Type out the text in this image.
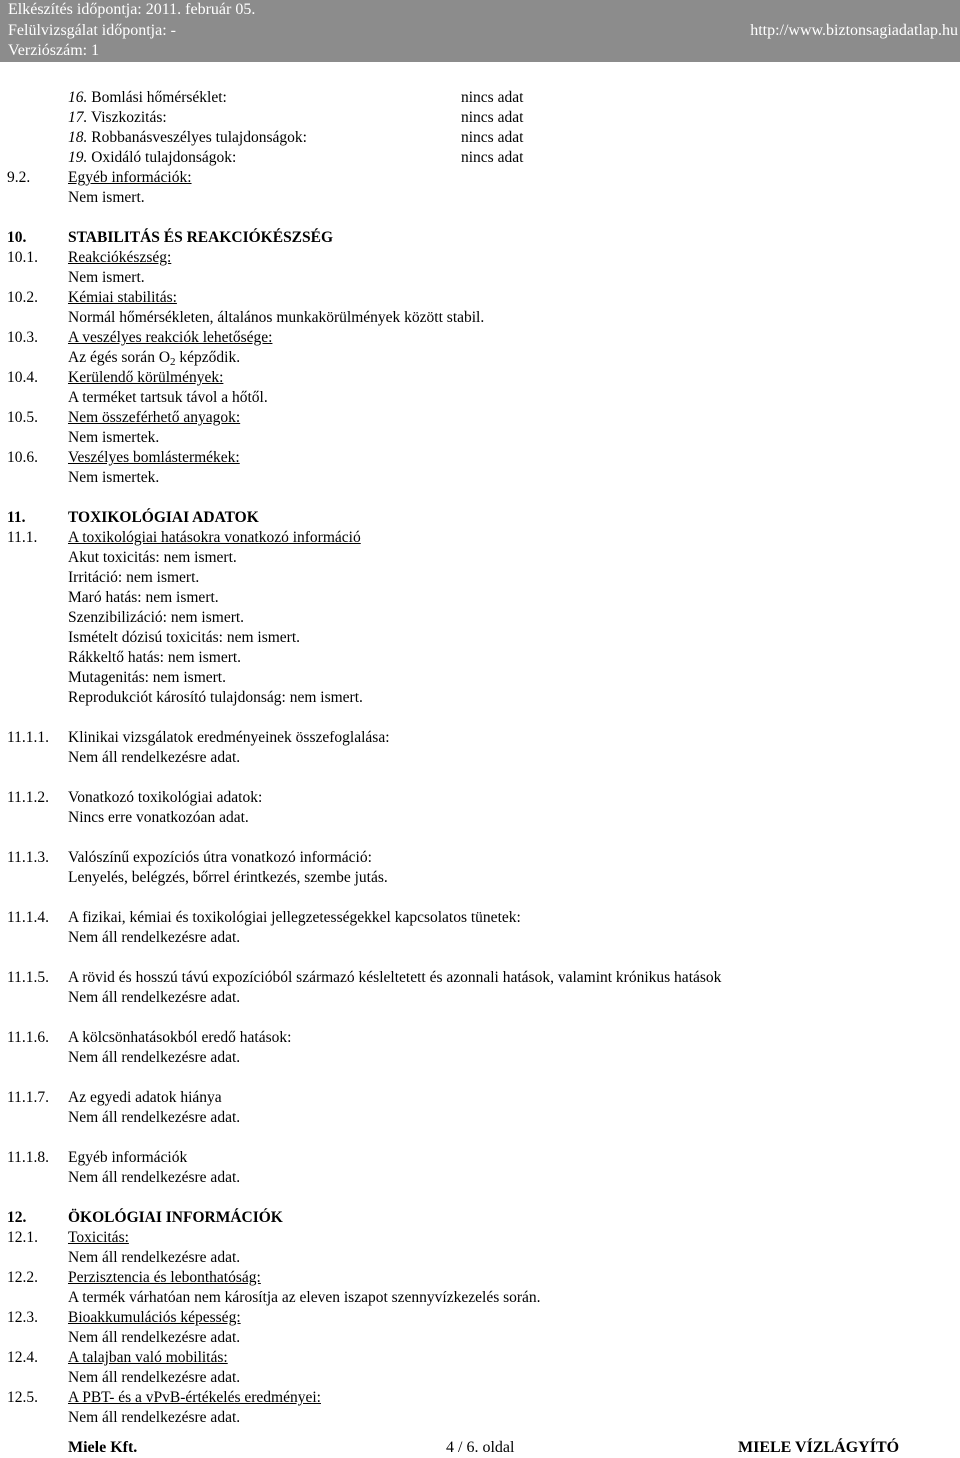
Elkészítés időpontja: 2011. február 05.
Felülvizsgálat időpontja: -
Verziószám: 1
http://www.biztonsagiadatlap.hu
16. Bomlási hőmérséklet:	nincs adat
17. Viszkozitás:	nincs adat
18. Robbanásveszélyes tulajdonságok:	nincs adat
19. Oxidáló tulajdonságok:	nincs adat
9.2. Egyéb információk:
Nem ismert.
10.	STABILITÁS ÉS REAKCIÓKÉSZSÉG
10.1. Reakciókészség:
Nem ismert.
10.2. Kémiai stabilitás:
Normál hőmérsékleten, általános munkakörülmények között stabil.
10.3. A veszélyes reakciók lehetősége:
Az égés során $O_2$ képződik.
10.4. Kerülendő körülmények:
A terméket tartsuk távol a hőtől.
10.5. Nem összeférhető anyagok:
Nem ismertek.
10.6. Veszélyes bomlástermékek:
Nem ismertek.
11.	TOXIKOLÓGIAI ADATOK
11.1. A toxikológiai hatásokra vonatkozó információ
Akut toxicitás: nem ismert.
Irritáció: nem ismert.
Maró hatás: nem ismert.
Szenzibilizáció: nem ismert.
Ismételt dózisú toxicitás: nem ismert.
Rákkeltő hatás: nem ismert.
Mutagenitás: nem ismert.
Reprodukciót károsító tulajdonság: nem ismert.
11.1.1. Klinikai vizsgálatok eredményeinek összefoglalása:
Nem áll rendelkezésre adat.
11.1.2. Vonatkozó toxikológiai adatok:
Nincs erre vonatkozóan adat.
11.1.3. Valószínű expozíciós útra vonatkozó információ:
Lenyelés, belégzés, bőrrel érintkezés, szembe jutás.
11.1.4. A fizikai, kémiai és toxikológiai jellegzetességekkel kapcsolatos tünetek:
Nem áll rendelkezésre adat.
11.1.5. A rövid és hosszú távú expozícióból származó késleltetett és azonnali hatások, valamint krónikus hatások
Nem áll rendelkezésre adat.
11.1.6. A kölcsönhatásokból eredő hatások:
Nem áll rendelkezésre adat.
11.1.7. Az egyedi adatok hiánya
Nem áll rendelkezésre adat.
11.1.8. Egyéb információk
Nem áll rendelkezésre adat.
12.	ÖKOLÓGIAI INFORMÁCIÓK
12.1. Toxicitás:
Nem áll rendelkezésre adat.
12.2. Perzisztencia és lebonthatóság:
A termék várhatóan nem károsítja az eleven iszapot szennyvízkezelés során.
12.3. Bioakkumulációs képesség:
Nem áll rendelkezésre adat.
12.4. A talajban való mobilitás:
Nem áll rendelkezésre adat.
12.5. A PBT- és a vPvB-értékelés eredményei:
Nem áll rendelkezésre adat.
Miele Kft.	4 / 6. oldal	MIELE VÍZLÁGYÍTÓ
